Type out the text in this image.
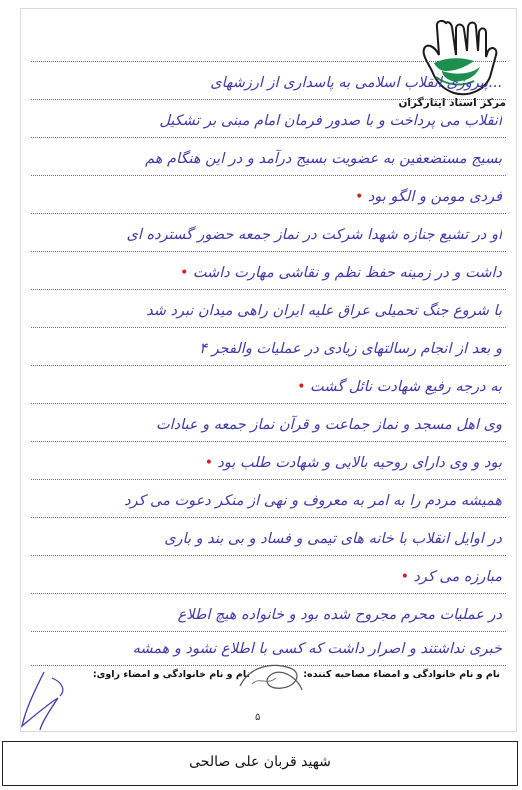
مرکز اسناد ایثارگران
...پیروزی انقلاب اسلامی به پاسداری از ارزشهای
انقلاب می پرداخت و با صدور فرمان امام مبنی بر تشکیل
بسیج مستضعفین به عضویت بسیج درآمد و در این هنگام هم
فردی مومن و الگو بود •
او در تشیع جنازه شهدا شرکت در نماز جمعه حضور گسترده ای
داشت و در زمینه حفظ نظم و نقاشی مهارت داشت •
با شروع جنگ تحمیلی عراق علیه ایران راهی میدان نبرد شد
و بعد از انجام رسالتهای زیادی در عملیات والفجر ۴
به درجه رفیع شهادت نائل گشت •
وی اهل مسجد و نماز جماعت و قرآن نماز جمعه و عبادات
بود و وی دارای روحیه بالایی و شهادت طلب بود •
همیشه مردم را به امر به معروف و نهی از منکر دعوت می کرد
در اوایل انقلاب با خانه های تیمی و فساد و بی بند و باری
مبارزه می کرد •
در عملیات محرم مجروح شده بود و خانواده هیچ اطلاع
خبری نداشتند و اصرار داشت که کسی با اطلاع نشود و همشه
نام و نام خانوادگی و امضاء مصاحبه کننده:
نام و نام خانوادگی و امضاء راوی:
۵
شهید قربان علی صالحی
